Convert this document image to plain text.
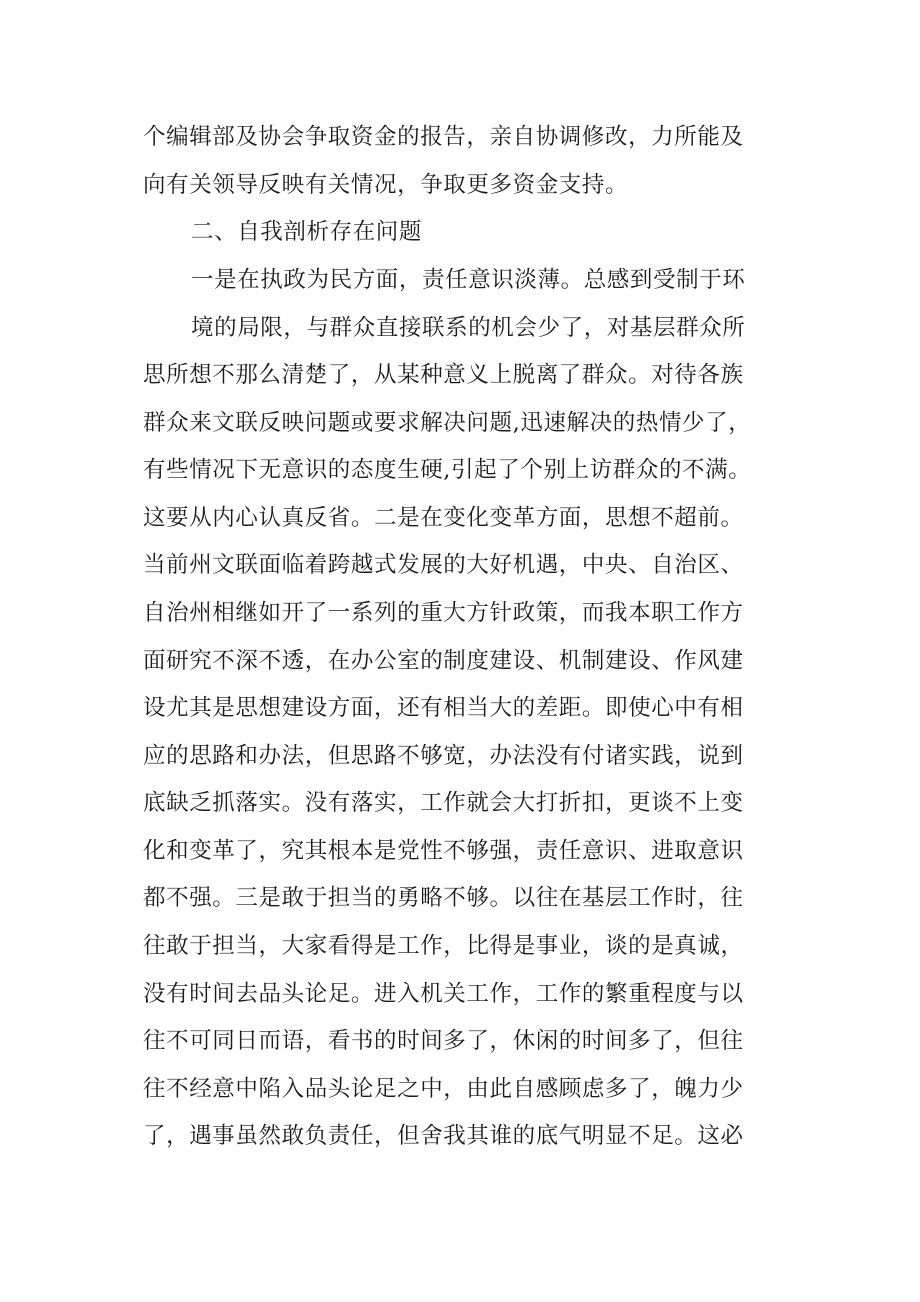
个编辑部及协会争取资金的报告，亲自协调修改，力所能及
向有关领导反映有关情况，争取更多资金支持。
二、自我剖析存在问题
一是在执政为民方面，责任意识淡薄。总感到受制于环
境的局限，与群众直接联系的机会少了，对基层群众所
思所想不那么清楚了，从某种意义上脱离了群众。对待各族
群众来文联反映问题或要求解决问题,迅速解决的热情少了，
有些情况下无意识的态度生硬,引起了个别上访群众的不满。
这要从内心认真反省。二是在变化变革方面，思想不超前。
当前州文联面临着跨越式发展的大好机遇，中央、自治区、
自治州相继如开了一系列的重大方针政策，而我本职工作方
面研究不深不透，在办公室的制度建设、机制建设、作风建
设尤其是思想建设方面，还有相当大的差距。即使心中有相
应的思路和办法，但思路不够宽，办法没有付诸实践，说到
底缺乏抓落实。没有落实，工作就会大打折扣，更谈不上变
化和变革了，究其根本是党性不够强，责任意识、进取意识
都不强。三是敢于担当的勇略不够。以往在基层工作时，往
往敢于担当，大家看得是工作，比得是事业，谈的是真诚，
没有时间去品头论足。进入机关工作，工作的繁重程度与以
往不可同日而语，看书的时间多了，休闲的时间多了，但往
往不经意中陷入品头论足之中，由此自感顾虑多了，魄力少
了，遇事虽然敢负责任，但舍我其谁的底气明显不足。这必
